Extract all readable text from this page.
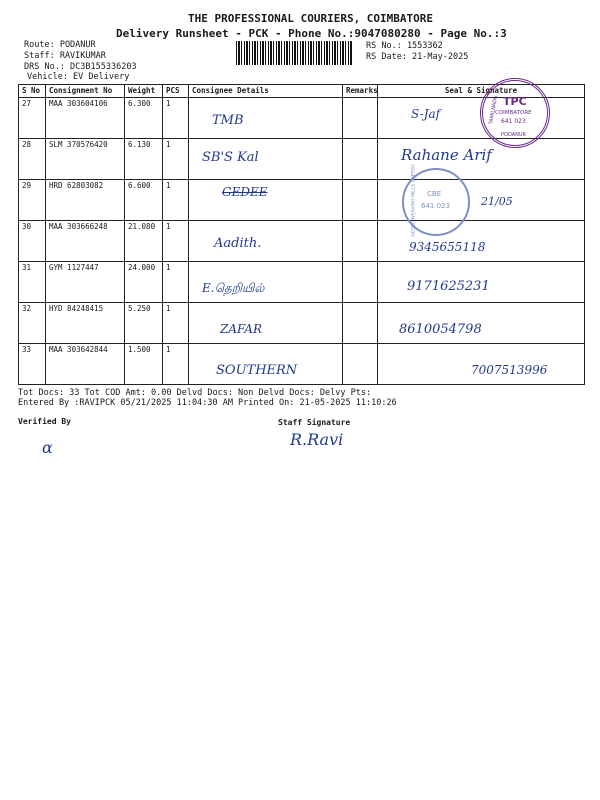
THE PROFESSIONAL COURIERS, COIMBATORE
Delivery Runsheet - PCK - Phone No.:9047080280 - Page No.:3
Route: PODANUR
Staff: RAVIKUMAR
DRS No.: DC3B155336203
Vehicle: EV Delivery
RS No.: 1553362
RS Date: 21-May-2025
S No	Consignment No	Weight	PCS	Consignee Details	Remarks	Seal & Signature
27	MAA 303604106	6.300	1	TMB		S-Jaf

28	SLM 370576420	6.130	1	SB'S Kal		Rahane Arif

29	HRD 62803082	6.600	1	GEDEE		21/05

30	MAA 303666248	21.080	1	Aadith.		9345655118

31	GYM 1127447	24.000	1	E.தெறியில்		9171625231

32	HYD 84248415	5.250	1	ZAFAR		8610054798

33	MAA 303642844	1.500	1	SOUTHERN		7007513996
TAMILNADU TPC
COIMBATORE
641 023
PODANUR
GEDEE WEAVING MILLS LIMITED CBE
641 023
Tot Docs: 33 Tot COD Amt: 0.00 Delvd Docs: Non Delvd Docs: Delvy Pts:
Entered By :RAVIPCK 05/21/2025 11:04:30 AM Printed On: 21-05-2025 11:10:26
Verified By
ɑ
Staff Signature
R.Ravi
